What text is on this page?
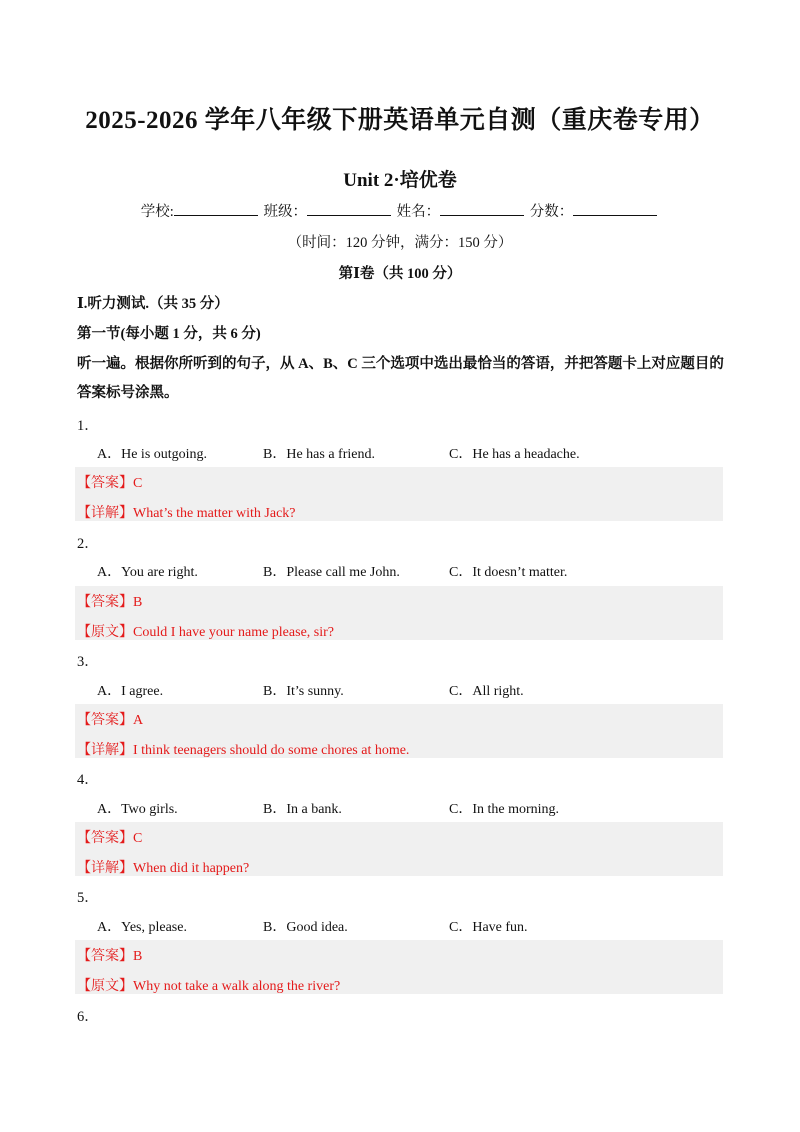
2025-2026 学年八年级下册英语单元自测（重庆卷专用）
Unit 2·培优卷
学校:	班级：	姓名：	分数：
（时间：120 分钟，满分：150 分）
第Ⅰ卷（共 100 分）
Ⅰ.听力测试.（共 35 分）
第一节(每小题 1 分，共 6 分)
听一遍。根据你所听到的句子，从 A、B、C 三个选项中选出最恰当的答语，并把答题卡上对应题目的答案标号涂黑。
1．
A．He is outgoing.	B．He has a friend.	C．He has a headache.
【答案】C
【详解】What’s the matter with Jack?
2．
A．You are right.	B．Please call me John.	C．It doesn’t matter.
【答案】B
【原文】Could I have your name please, sir?
3．
A．I agree.	B．It’s sunny.	C．All right.
【答案】A
【详解】I think teenagers should do some chores at home.
4．
A．Two girls.	B．In a bank.	C．In the morning.
【答案】C
【详解】When did it happen?
5．
A．Yes, please.	B．Good idea.	C．Have fun.
【答案】B
【原文】Why not take a walk along the river?
6．
